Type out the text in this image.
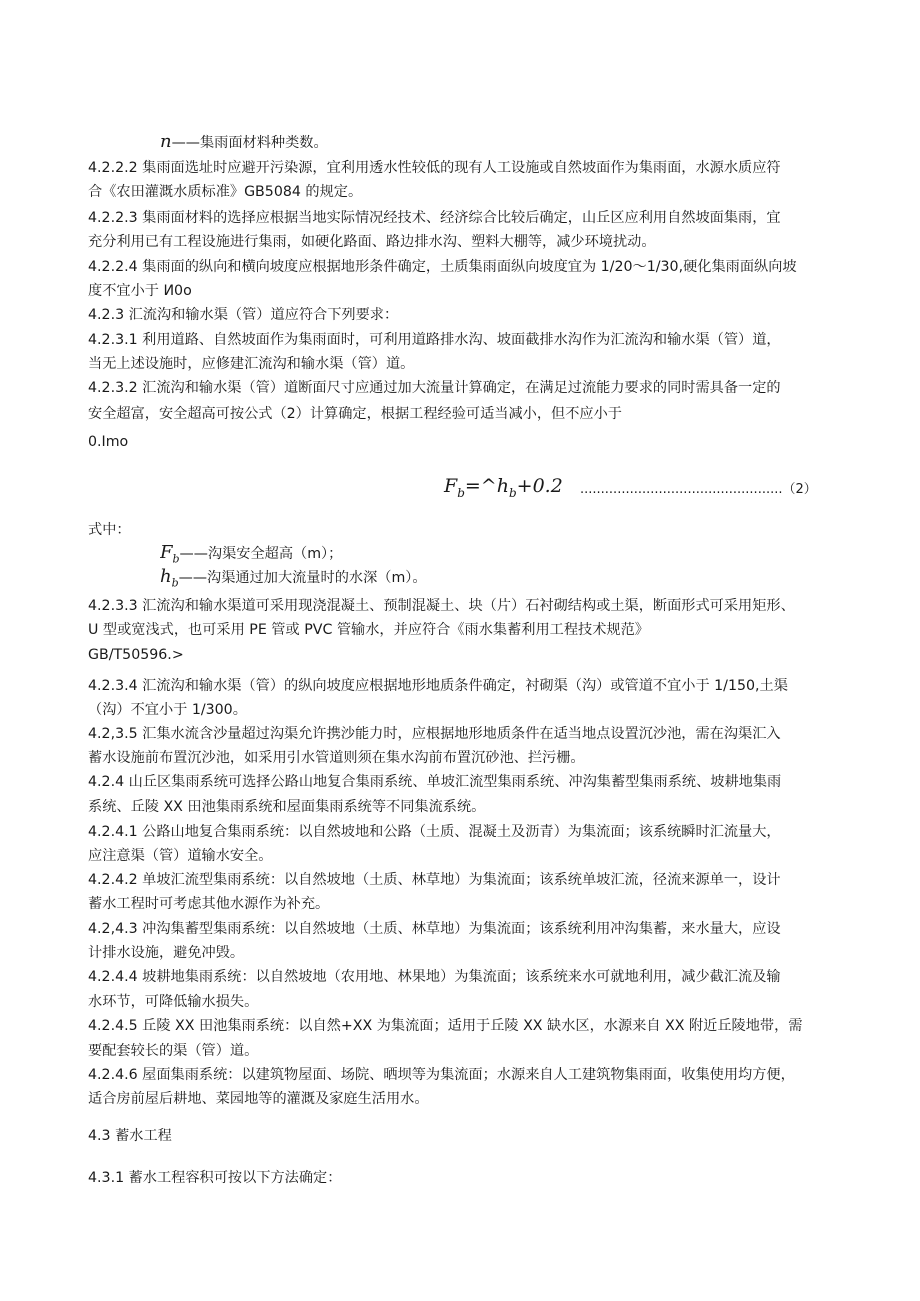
n——集雨面材料种类数。
4.2.2.2 集雨面选址时应避开污染源，宜利用透水性较低的现有人工设施或自然坡面作为集雨面，水源水质应符
合《农田灌溉水质标准》GB5084 的规定。
4.2.2.3 集雨面材料的选择应根据当地实际情况经技术、经济综合比较后确定，山丘区应利用自然坡面集雨，宜
充分利用已有工程设施进行集雨，如硬化路面、路边排水沟、塑料大棚等，减少环境扰动。
4.2.2.4 集雨面的纵向和横向坡度应根据地形条件确定，土质集雨面纵向坡度宜为 1/20～1/30,硬化集雨面纵向坡
度不宜小于 И0o
4.2.3 汇流沟和输水渠（管）道应符合下列要求：
4.2.3.1 利用道路、自然坡面作为集雨面时，可利用道路排水沟、坡面截排水沟作为汇流沟和输水渠（管）道，
当无上述设施时，应修建汇流沟和输水渠（管）道。
4.2.3.2 汇流沟和输水渠（管）道断面尺寸应通过加大流量计算确定，在满足过流能力要求的同时需具备一定的
安全超富，安全超高可按公式（2）计算确定，根据工程经验可适当减小，但不应小于
0.Imo
$F_b=\^{}h_b+0.2$ .................................................（2）
式中：
$F_b——$沟渠安全超高（m）；
$h_b——$沟渠通过加大流量时的水深（m）。
4.2.3.3 汇流沟和输水渠道可采用现浇混凝土、预制混凝土、块（片）石衬砌结构或土渠，断面形式可采用矩形、
U 型或宽浅式，也可采用 PE 管或 PVC 管输水，并应符合《雨水集蓄利用工程技术规范》
GB/T50596.>
4.2.3.4 汇流沟和输水渠（管）的纵向坡度应根据地形地质条件确定，衬砌渠（沟）或管道不宜小于 1/150,土渠
（沟）不宜小于 1/300。
4.2,3.5 汇集水流含沙量超过沟渠允许携沙能力时，应根据地形地质条件在适当地点设置沉沙池，需在沟渠汇入
蓄水设施前布置沉沙池，如采用引水管道则须在集水沟前布置沉砂池、拦污栅。
4.2.4 山丘区集雨系统可选择公路山地复合集雨系统、单坡汇流型集雨系统、冲沟集蓄型集雨系统、坡耕地集雨
系统、丘陵 XX 田池集雨系统和屋面集雨系统等不同集流系统。
4.2.4.1 公路山地复合集雨系统：以自然坡地和公路（土质、混凝土及沥青）为集流面；该系统瞬时汇流量大，
应注意渠（管）道输水安全。
4.2.4.2 单坡汇流型集雨系统：以自然坡地（土质、林草地）为集流面；该系统单坡汇流，径流来源单一，设计
蓄水工程时可考虑其他水源作为补充。
4.2,4.3 冲沟集蓄型集雨系统：以自然坡地（土质、林草地）为集流面；该系统利用冲沟集蓄，来水量大，应设
计排水设施，避免冲毁。
4.2.4.4 坡耕地集雨系统：以自然坡地（农用地、林果地）为集流面；该系统来水可就地利用，减少截汇流及输
水环节，可降低输水损失。
4.2.4.5 丘陵 XX 田池集雨系统：以自然+XX 为集流面；适用于丘陵 XX 缺水区，水源来自 XX 附近丘陵地带，需
要配套较长的渠（管）道。
4.2.4.6 屋面集雨系统：以建筑物屋面、场院、晒坝等为集流面；水源来自人工建筑物集雨面，收集使用均方便，
适合房前屋后耕地、菜园地等的灌溉及家庭生活用水。
4.3 蓄水工程
4.3.1 蓄水工程容积可按以下方法确定：
